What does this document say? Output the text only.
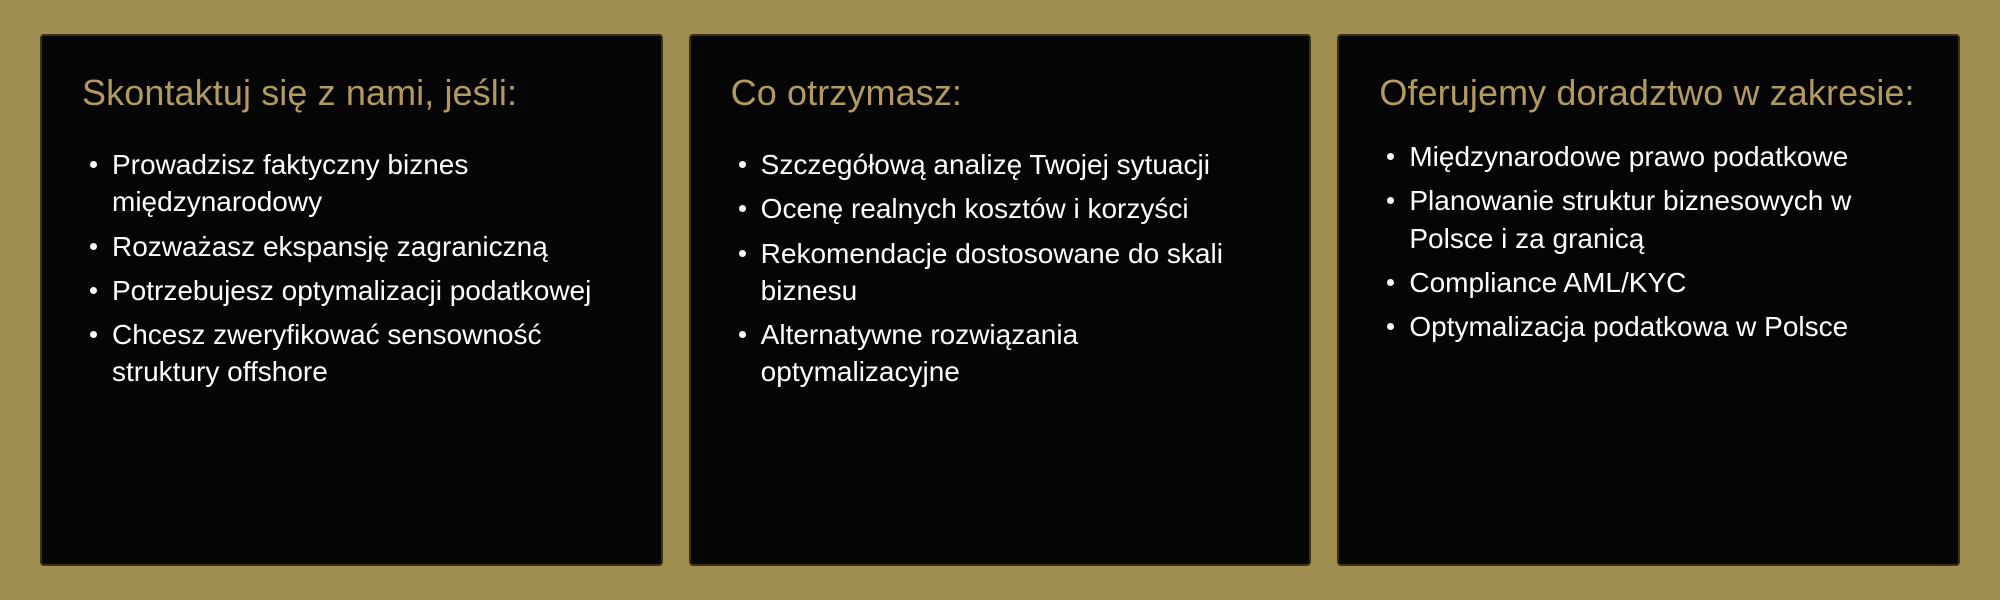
Skontaktuj się z nami, jeśli:
Prowadzisz faktyczny biznes międzynarodowy
Rozważasz ekspansję zagraniczną
Potrzebujesz optymalizacji podatkowej
Chcesz zweryfikować sensowność struktury offshore
Co otrzymasz:
Szczegółową analizę Twojej sytuacji
Ocenę realnych kosztów i korzyści
Rekomendacje dostosowane do skali biznesu
Alternatywne rozwiązania optymalizacyjne
Oferujemy doradztwo w zakresie:
Międzynarodowe prawo podatkowe
Planowanie struktur biznesowych w Polsce i za granicą
Compliance AML/KYC
Optymalizacja podatkowa w Polsce
